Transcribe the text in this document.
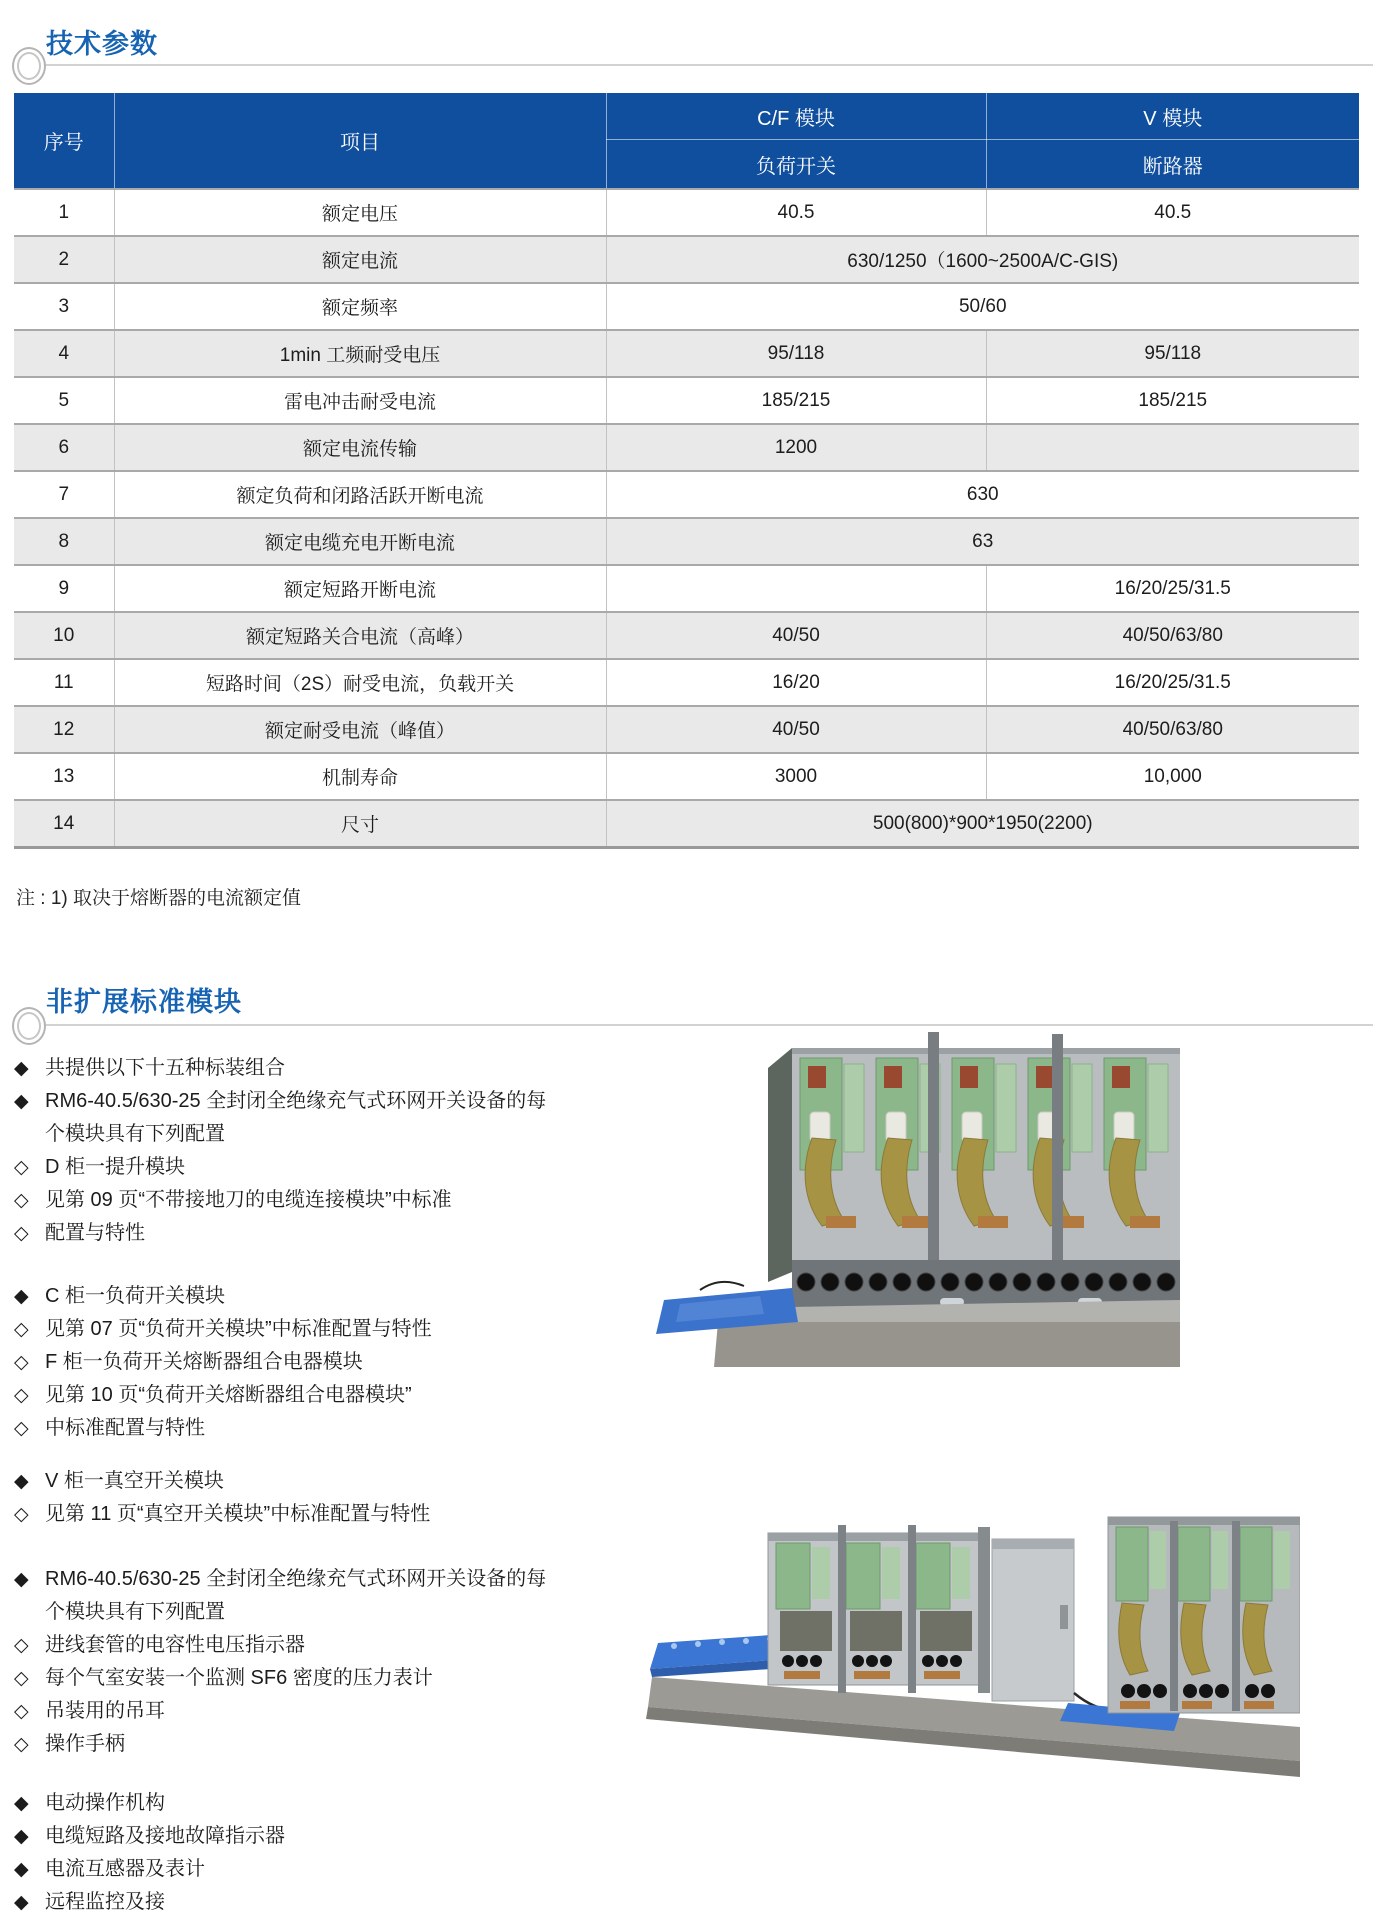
技术参数
序号	项目	C/F 模块	V 模块
		负荷开关	断路器
1	额定电压	40.5	40.5
2	额定电流	630/1250（1600~2500A/C-GIS)	
3	额定频率	50/60	
4	1min 工频耐受电压	95/118	95/118
5	雷电冲击耐受电流	185/215	185/215
6	额定电流传输	1200	
7	额定负荷和闭路活跃开断电流	630	
8	额定电缆充电开断电流	63	
9	额定短路开断电流		16/20/25/31.5
10	额定短路关合电流（高峰）	40/50	40/50/63/80
11	短路时间（2S）耐受电流，负载开关	16/20	16/20/25/31.5
12	额定耐受电流（峰值）	40/50	40/50/63/80
13	机制寿命	3000	10,000
14	尺寸	500(800)*900*1950(2200)	
注 : 1) 取决于熔断器的电流额定值
非扩展标准模块
◆ 共提供以下十五种标装组合
◆ RM6-40.5/630-25 全封闭全绝缘充气式环网开关设备的每
个模块具有下列配置
◇ D 柜一提升模块
◇ 见第 09 页“不带接地刀的电缆连接模块”中标准
◇ 配置与特性
◆ C 柜一负荷开关模块
◇ 见第 07 页“负荷开关模块”中标准配置与特性
◇ F 柜一负荷开关熔断器组合电器模块
◇ 见第 10 页“负荷开关熔断器组合电器模块”
◇ 中标准配置与特性
◆ V 柜一真空开关模块
◇ 见第 11 页“真空开关模块”中标准配置与特性
◆ RM6-40.5/630-25 全封闭全绝缘充气式环网开关设备的每
个模块具有下列配置
◇ 进线套管的电容性电压指示器
◇ 每个气室安装一个监测 SF6 密度的压力表计
◇ 吊装用的吊耳
◇ 操作手柄
◆ 电动操作机构
◆ 电缆短路及接地故障指示器
◆ 电流互感器及表计
◆ 远程监控及接
